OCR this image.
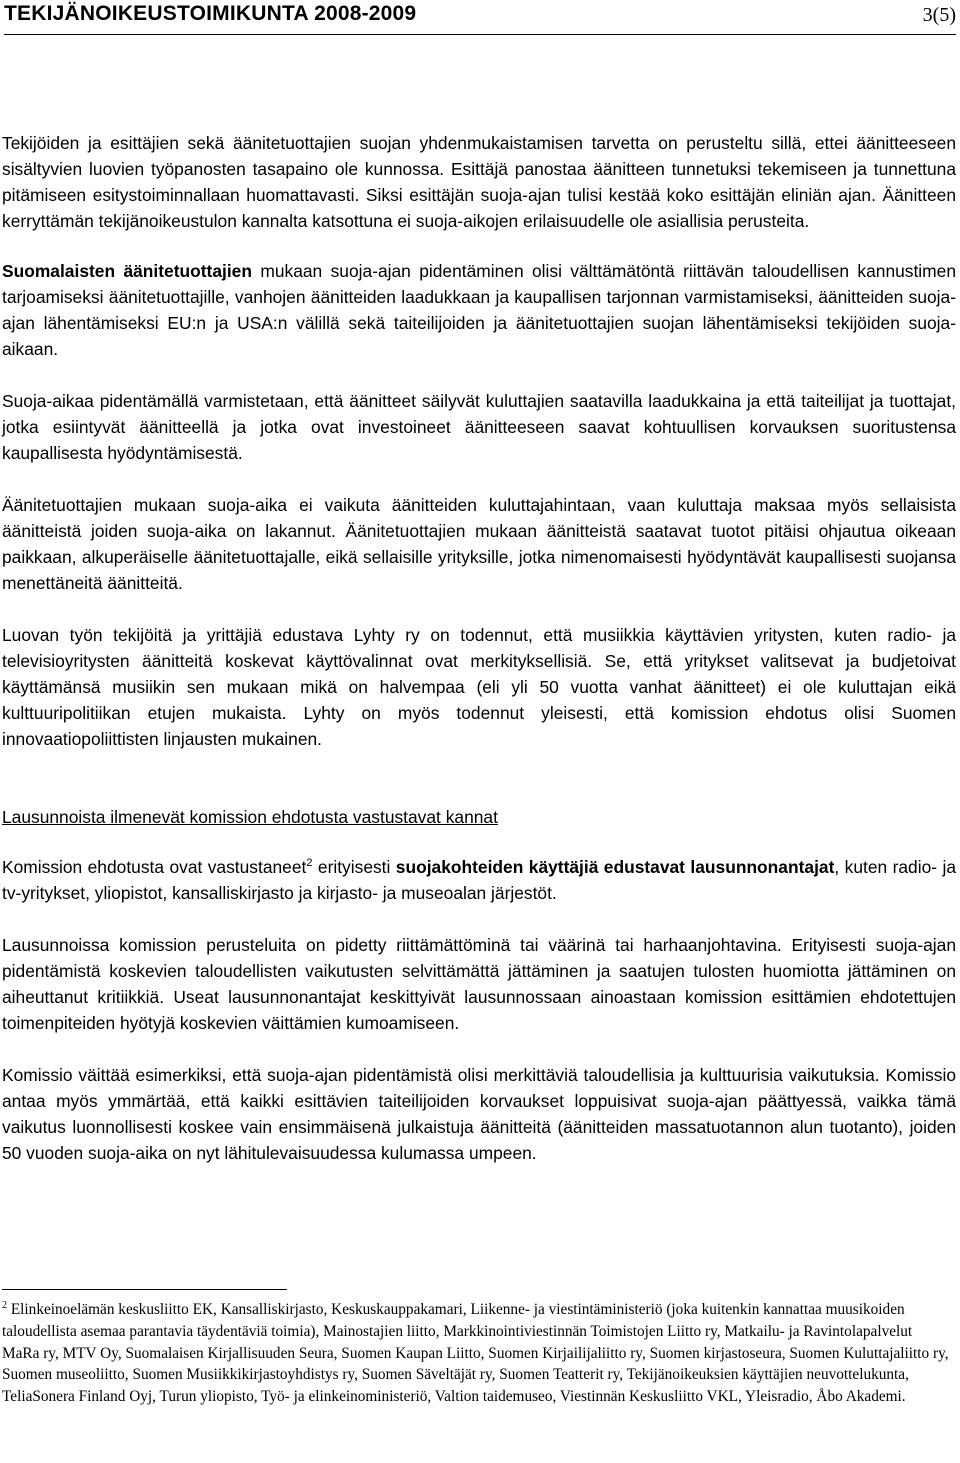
TEKIJÄNOIKEUSTOIMIKUNTA 2008-2009	3(5)

Tekijöiden ja esittäjien sekä äänitetuottajien suojan yhdenmukaistamisen tarvetta on perusteltu sillä, ettei äänitteeseen sisältyvien luovien työpanosten tasapaino ole kunnossa. Esittäjä panostaa äänitteen tunnetuksi tekemiseen ja tunnettuna pitämiseen esitystoiminnallaan huomattavasti. Siksi esittäjän suoja-ajan tulisi kestää koko esittäjän eliniän ajan. Äänitteen kerryttämän tekijänoikeustulon kannalta katsottuna ei suoja-aikojen erilaisuudelle ole asiallisia perusteita.

Suomalaisten äänitetuottajien mukaan suoja-ajan pidentäminen olisi välttämätöntä riittävän taloudellisen kannustimen tarjoamiseksi äänitetuottajille, vanhojen äänitteiden laadukkaan ja kaupallisen tarjonnan varmistamiseksi, äänitteiden suoja-ajan lähentämiseksi EU:n ja USA:n välillä sekä taiteilijoiden ja äänitetuottajien suojan lähentämiseksi tekijöiden suoja-aikaan.

Suoja-aikaa pidentämällä varmistetaan, että äänitteet säilyvät kuluttajien saatavilla laadukkaina ja että taiteilijat ja tuottajat, jotka esiintyvät äänitteellä ja jotka ovat investoineet äänitteeseen saavat kohtuullisen korvauksen suoritustensa kaupallisesta hyödyntämisestä.

Äänitetuottajien mukaan suoja-aika ei vaikuta äänitteiden kuluttajahintaan, vaan kuluttaja maksaa myös sellaisista äänitteistä joiden suoja-aika on lakannut. Äänitetuottajien mukaan äänitteistä saatavat tuotot pitäisi ohjautua oikeaan paikkaan, alkuperäiselle äänitetuottajalle, eikä sellaisille yrityksille, jotka nimenomaisesti hyödyntävät kaupallisesti suojansa menettäneitä äänitteitä.

Luovan työn tekijöitä ja yrittäjiä edustava Lyhty ry on todennut, että musiikkia käyttävien yritysten, kuten radio- ja televisioyritysten äänitteitä koskevat käyttövalinnat ovat merkityksellisiä. Se, että yritykset valitsevat ja budjetoivat käyttämänsä musiikin sen mukaan mikä on halvempaa (eli yli 50 vuotta vanhat äänitteet) ei ole kuluttajan eikä kulttuuripolitiikan etujen mukaista. Lyhty on myös todennut yleisesti, että komission ehdotus olisi Suomen innovaatiopoliittisten linjausten mukainen.

Lausunnoista ilmenevät komission ehdotusta vastustavat kannat

Komission ehdotusta ovat vastustaneet$^2$ erityisesti suojakohteiden käyttäjiä edustavat lausunnonantajat, kuten radio- ja tv-yritykset, yliopistot, kansalliskirjasto ja kirjasto- ja museoalan järjestöt.

Lausunnoissa komission perusteluita on pidetty riittämättöminä tai väärinä tai harhaanjohtavina. Erityisesti suoja-ajan pidentämistä koskevien taloudellisten vaikutusten selvittämättä jättäminen ja saatujen tulosten huomiotta jättäminen on aiheuttanut kritiikkiä. Useat lausunnonantajat keskittyivät lausunnossaan ainoastaan komission esittämien ehdotettujen toimenpiteiden hyötyjä koskevien väittämien kumoamiseen.

Komissio väittää esimerkiksi, että suoja-ajan pidentämistä olisi merkittäviä taloudellisia ja kulttuurisia vaikutuksia. Komissio antaa myös ymmärtää, että kaikki esittävien taiteilijoiden korvaukset loppuisivat suoja-ajan päättyessä, vaikka tämä vaikutus luonnollisesti koskee vain ensimmäisenä julkaistuja äänitteitä (äänitteiden massatuotannon alun tuotanto), joiden 50 vuoden suoja-aika on nyt lähitulevaisuudessa kulumassa umpeen.

$^2$ Elinkeinoelämän keskusliitto EK, Kansalliskirjasto, Keskuskauppakamari, Liikenne- ja viestintäministeriö (joka kuitenkin kannattaa muusikoiden taloudellista asemaa parantavia täydentäviä toimia), Mainostajien liitto, Markkinointiviestinnän Toimistojen Liitto ry, Matkailu- ja Ravintolapalvelut MaRa ry, MTV Oy, Suomalaisen Kirjallisuuden Seura, Suomen Kaupan Liitto, Suomen Kirjailijaliitto ry, Suomen kirjastoseura, Suomen Kuluttajaliitto ry, Suomen museoliitto, Suomen Musiikkikirjastoyhdistys ry, Suomen Säveltäjät ry, Suomen Teatterit ry, Tekijänoikeuksien käyttäjien neuvottelukunta, TeliaSonera Finland Oyj, Turun yliopisto, Työ- ja elinkeinoministeriö, Valtion taidemuseo, Viestinnän Keskusliitto VKL, Yleisradio, Åbo Akademi.
